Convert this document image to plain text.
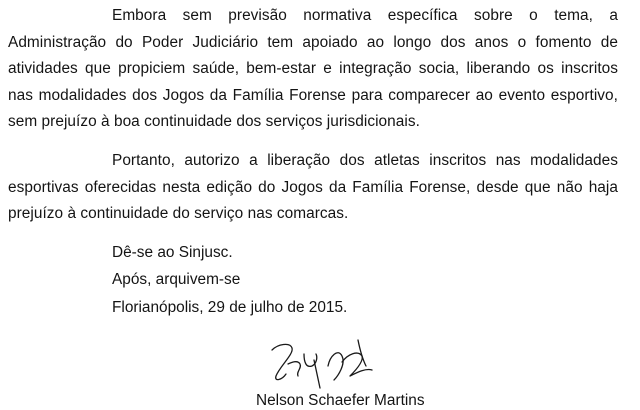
Embora sem previsão normativa específica sobre o tema, a Administração do Poder Judiciário tem apoiado ao longo dos anos o fomento de atividades que propiciem saúde, bem-estar e integração socia, liberando os inscritos nas modalidades dos Jogos da Família Forense para comparecer ao evento esportivo, sem prejuízo à boa continuidade dos serviços jurisdicionais.

Portanto, autorizo a liberação dos atletas inscritos nas modalidades esportivas oferecidas nesta edição do Jogos da Família Forense, desde que não haja prejuízo à continuidade do serviço nas comarcas.

Dê-se ao Sinjusc.

Após, arquivem-se

Florianópolis, 29 de julho de 2015.

Nelson Schaefer Martins
